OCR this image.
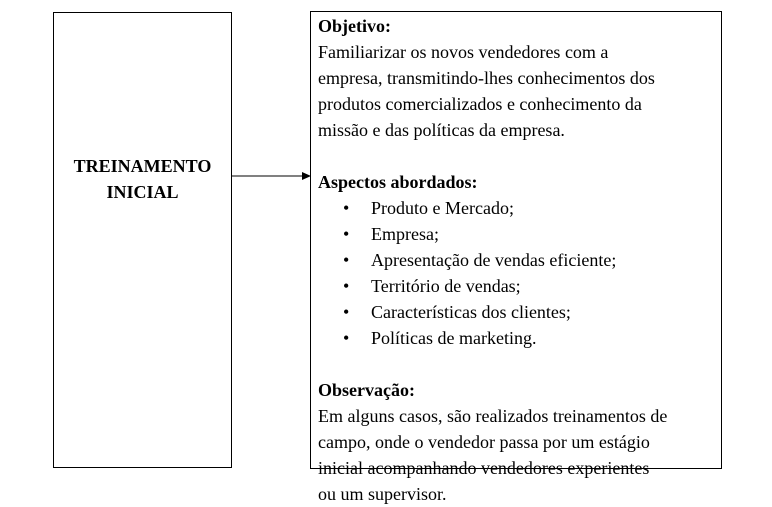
TREINAMENTO
INICIAL

Objetivo:

Familiarizar os novos vendedores com a

empresa, transmitindo-lhes conhecimentos dos

produtos comercializados e conhecimento da

missão e das políticas da empresa.

Aspectos abordados:

• Produto e Mercado;
• Empresa;
• Apresentação de vendas eficiente;
• Território de vendas;
• Características dos clientes;
• Políticas de marketing.

Observação:

Em alguns casos, são realizados treinamentos de

campo, onde o vendedor passa por um estágio

inicial acompanhando vendedores experientes

ou um supervisor.
